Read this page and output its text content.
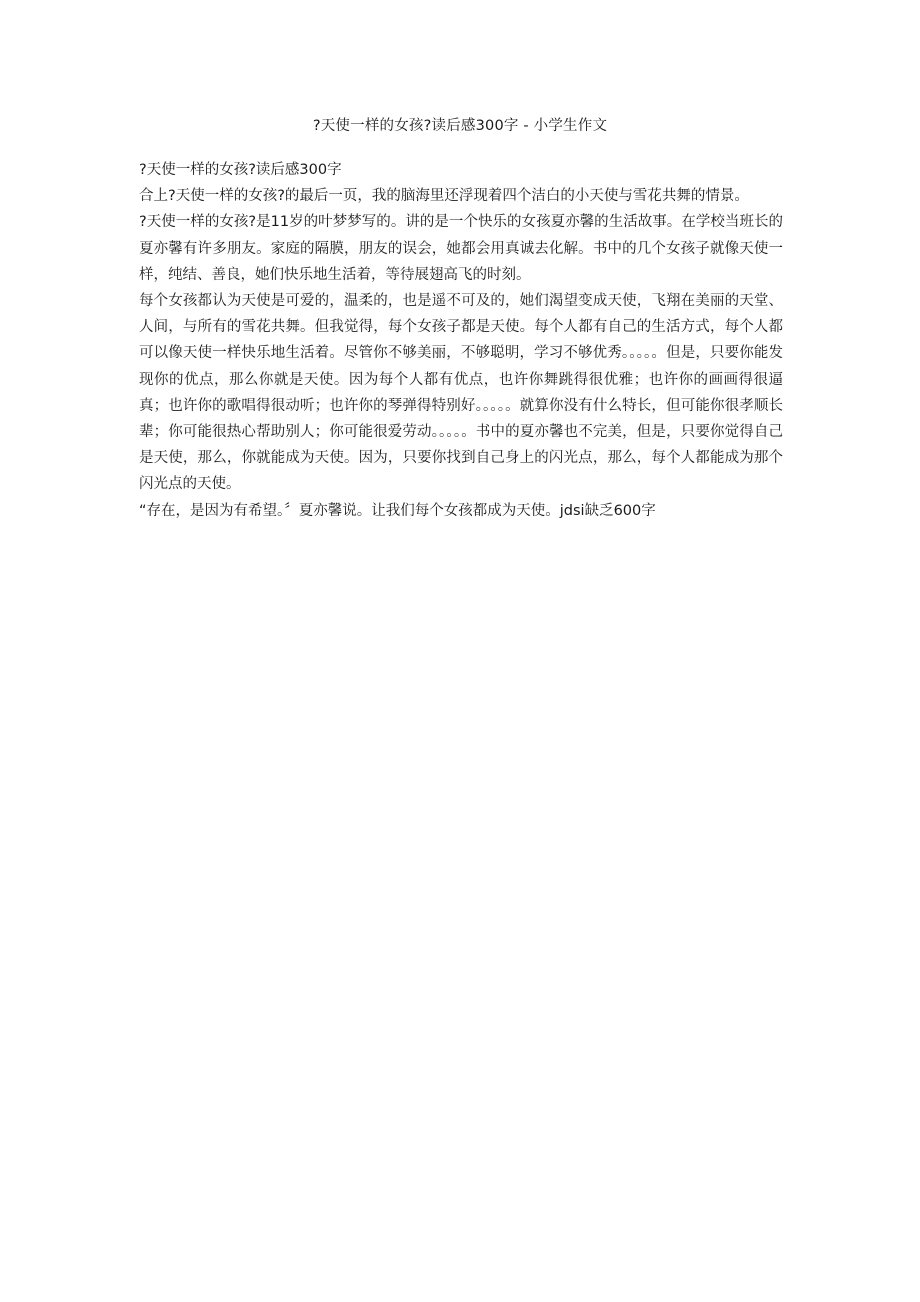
?天使一样的女孩?读后感300字 - 小学生作文

?天使一样的女孩?读后感300字

合上?天使一样的女孩?的最后一页，我的脑海里还浮现着四个洁白的小天使与雪花共舞的情景。

?天使一样的女孩?是11岁的叶梦梦写的。讲的是一个快乐的女孩夏亦馨的生活故事。在学校当班长的夏亦馨有许多朋友。家庭的隔膜，朋友的误会，她都会用真诚去化解。书中的几个女孩子就像天使一样，纯结、善良，她们快乐地生活着，等待展翅高飞的时刻。

每个女孩都认为天使是可爱的，温柔的，也是遥不可及的，她们渴望变成天使，飞翔在美丽的天堂、人间，与所有的雪花共舞。但我觉得，每个女孩子都是天使。每个人都有自己的生活方式，每个人都可以像天使一样快乐地生活着。尽管你不够美丽，不够聪明，学习不够优秀。。。。。但是，只要你能发现你的优点，那么你就是天使。因为每个人都有优点，也许你舞跳得很优雅；也许你的画画得很逼真；也许你的歌唱得很动听；也许你的琴弹得特别好。。。。。就算你没有什么特长，但可能你很孝顺长辈；你可能很热心帮助别人；你可能很爱劳动。。。。。书中的夏亦馨也不完美，但是，只要你觉得自己是天使，那么，你就能成为天使。因为，只要你找到自己身上的闪光点，那么，每个人都能成为那个闪光点的天使。

“存在，是因为有希望。〞夏亦馨说。让我们每个女孩都成为天使。jdsi缺乏600字
